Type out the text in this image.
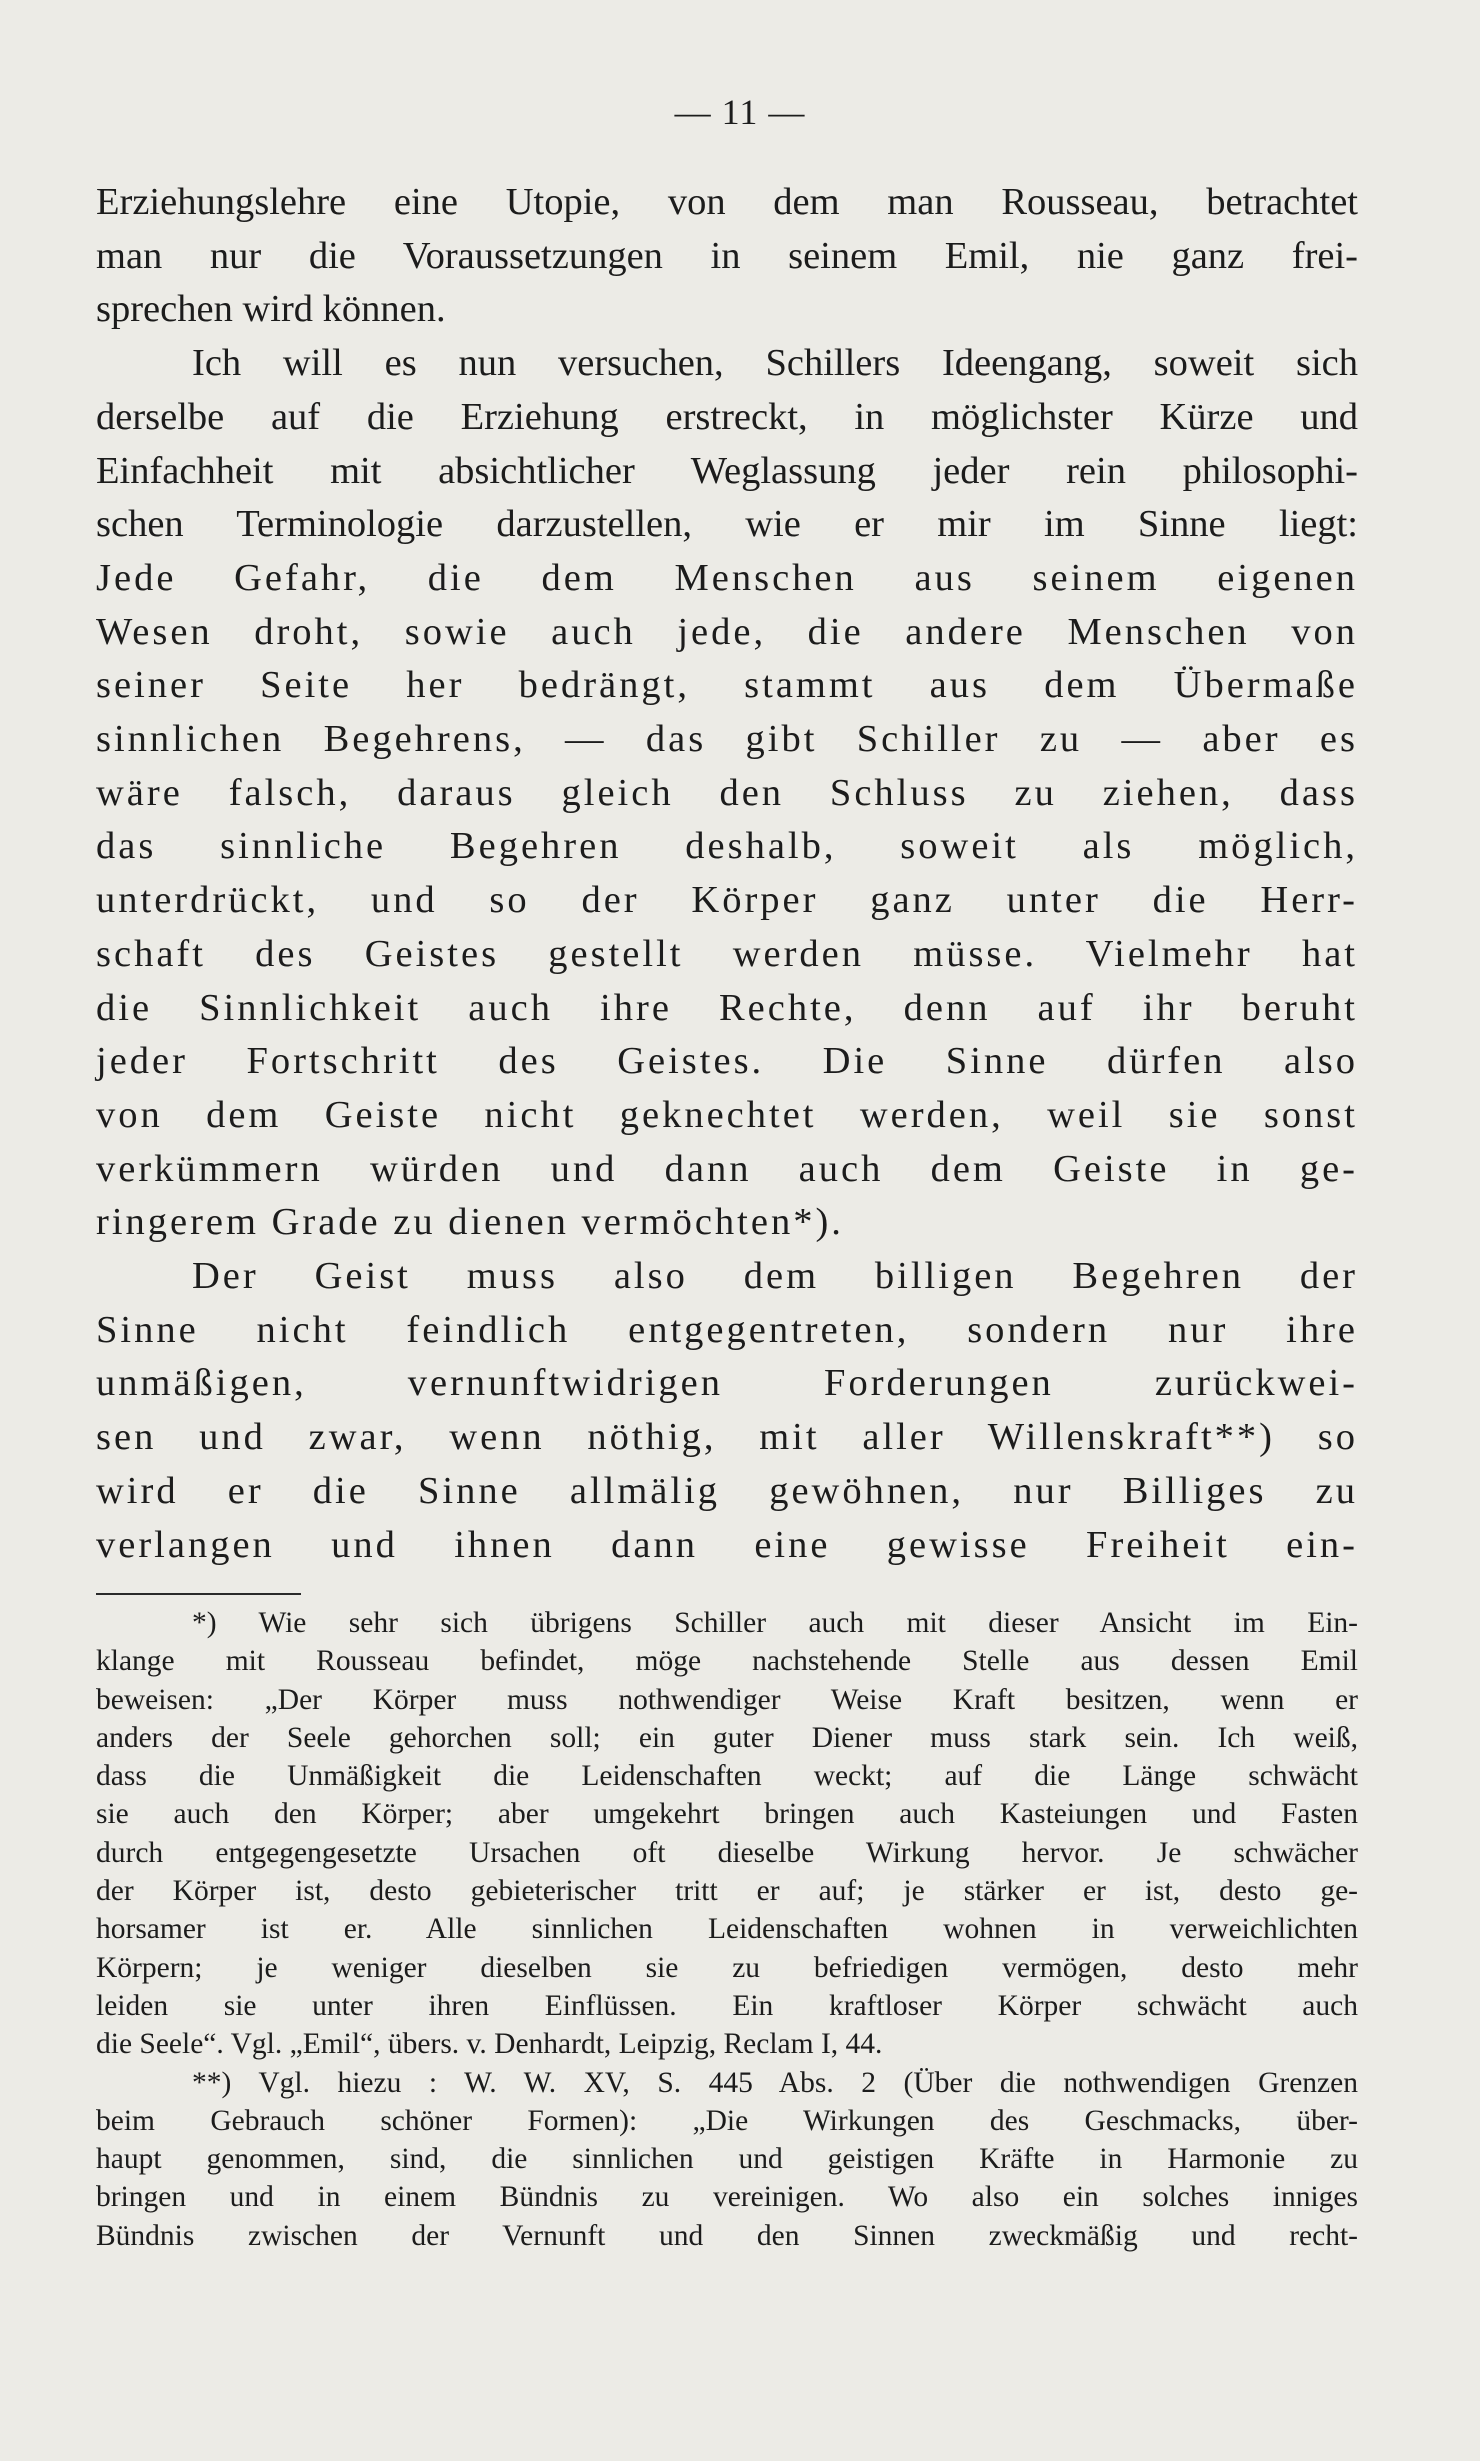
— 11 —

Erziehungslehre eine Utopie, von dem man Rousseau, betrachtet
man nur die Voraussetzungen in seinem Emil, nie ganz frei-
sprechen wird können.

Ich will es nun versuchen, Schillers Ideengang, soweit sich
derselbe auf die Erziehung erstreckt, in möglichster Kürze und
Einfachheit mit absichtlicher Weglassung jeder rein philosophi-
schen Terminologie darzustellen, wie er mir im Sinne liegt:
Jede Gefahr, die dem Menschen aus seinem eigenen
Wesen droht, sowie auch jede, die andere Menschen von
seiner Seite her bedrängt, stammt aus dem Übermaße
sinnlichen Begehrens, — das gibt Schiller zu — aber es
wäre falsch, daraus gleich den Schluss zu ziehen, dass
das sinnliche Begehren deshalb, soweit als möglich,
unterdrückt, und so der Körper ganz unter die Herr-
schaft des Geistes gestellt werden müsse. Vielmehr hat
die Sinnlichkeit auch ihre Rechte, denn auf ihr beruht
jeder Fortschritt des Geistes. Die Sinne dürfen also
von dem Geiste nicht geknechtet werden, weil sie sonst
verkümmern würden und dann auch dem Geiste in ge-
ringerem Grade zu dienen vermöchten*).

Der Geist muss also dem billigen Begehren der
Sinne nicht feindlich entgegentreten, sondern nur ihre
unmäßigen, vernunftwidrigen Forderungen zurückwei-
sen und zwar, wenn nöthig, mit aller Willenskraft**) so
wird er die Sinne allmälig gewöhnen, nur Billiges zu
verlangen und ihnen dann eine gewisse Freiheit ein-

*) Wie sehr sich übrigens Schiller auch mit dieser Ansicht im Ein-
klange mit Rousseau befindet, möge nachstehende Stelle aus dessen Emil
beweisen: „Der Körper muss nothwendiger Weise Kraft besitzen, wenn er
anders der Seele gehorchen soll; ein guter Diener muss stark sein. Ich weiß,
dass die Unmäßigkeit die Leidenschaften weckt; auf die Länge schwächt
sie auch den Körper; aber umgekehrt bringen auch Kasteiungen und Fasten
durch entgegengesetzte Ursachen oft dieselbe Wirkung hervor. Je schwächer
der Körper ist, desto gebieterischer tritt er auf; je stärker er ist, desto ge-
horsamer ist er. Alle sinnlichen Leidenschaften wohnen in verweichlichten
Körpern; je weniger dieselben sie zu befriedigen vermögen, desto mehr
leiden sie unter ihren Einflüssen. Ein kraftloser Körper schwächt auch
die Seele“. Vgl. „Emil“, übers. v. Denhardt, Leipzig, Reclam I, 44.

**) Vgl. hiezu : W. W. XV, S. 445 Abs. 2 (Über die nothwendigen Grenzen
beim Gebrauch schöner Formen): „Die Wirkungen des Geschmacks, über-
haupt genommen, sind, die sinnlichen und geistigen Kräfte in Harmonie zu
bringen und in einem Bündnis zu vereinigen. Wo also ein solches inniges
Bündnis zwischen der Vernunft und den Sinnen zweckmäßig und recht-
